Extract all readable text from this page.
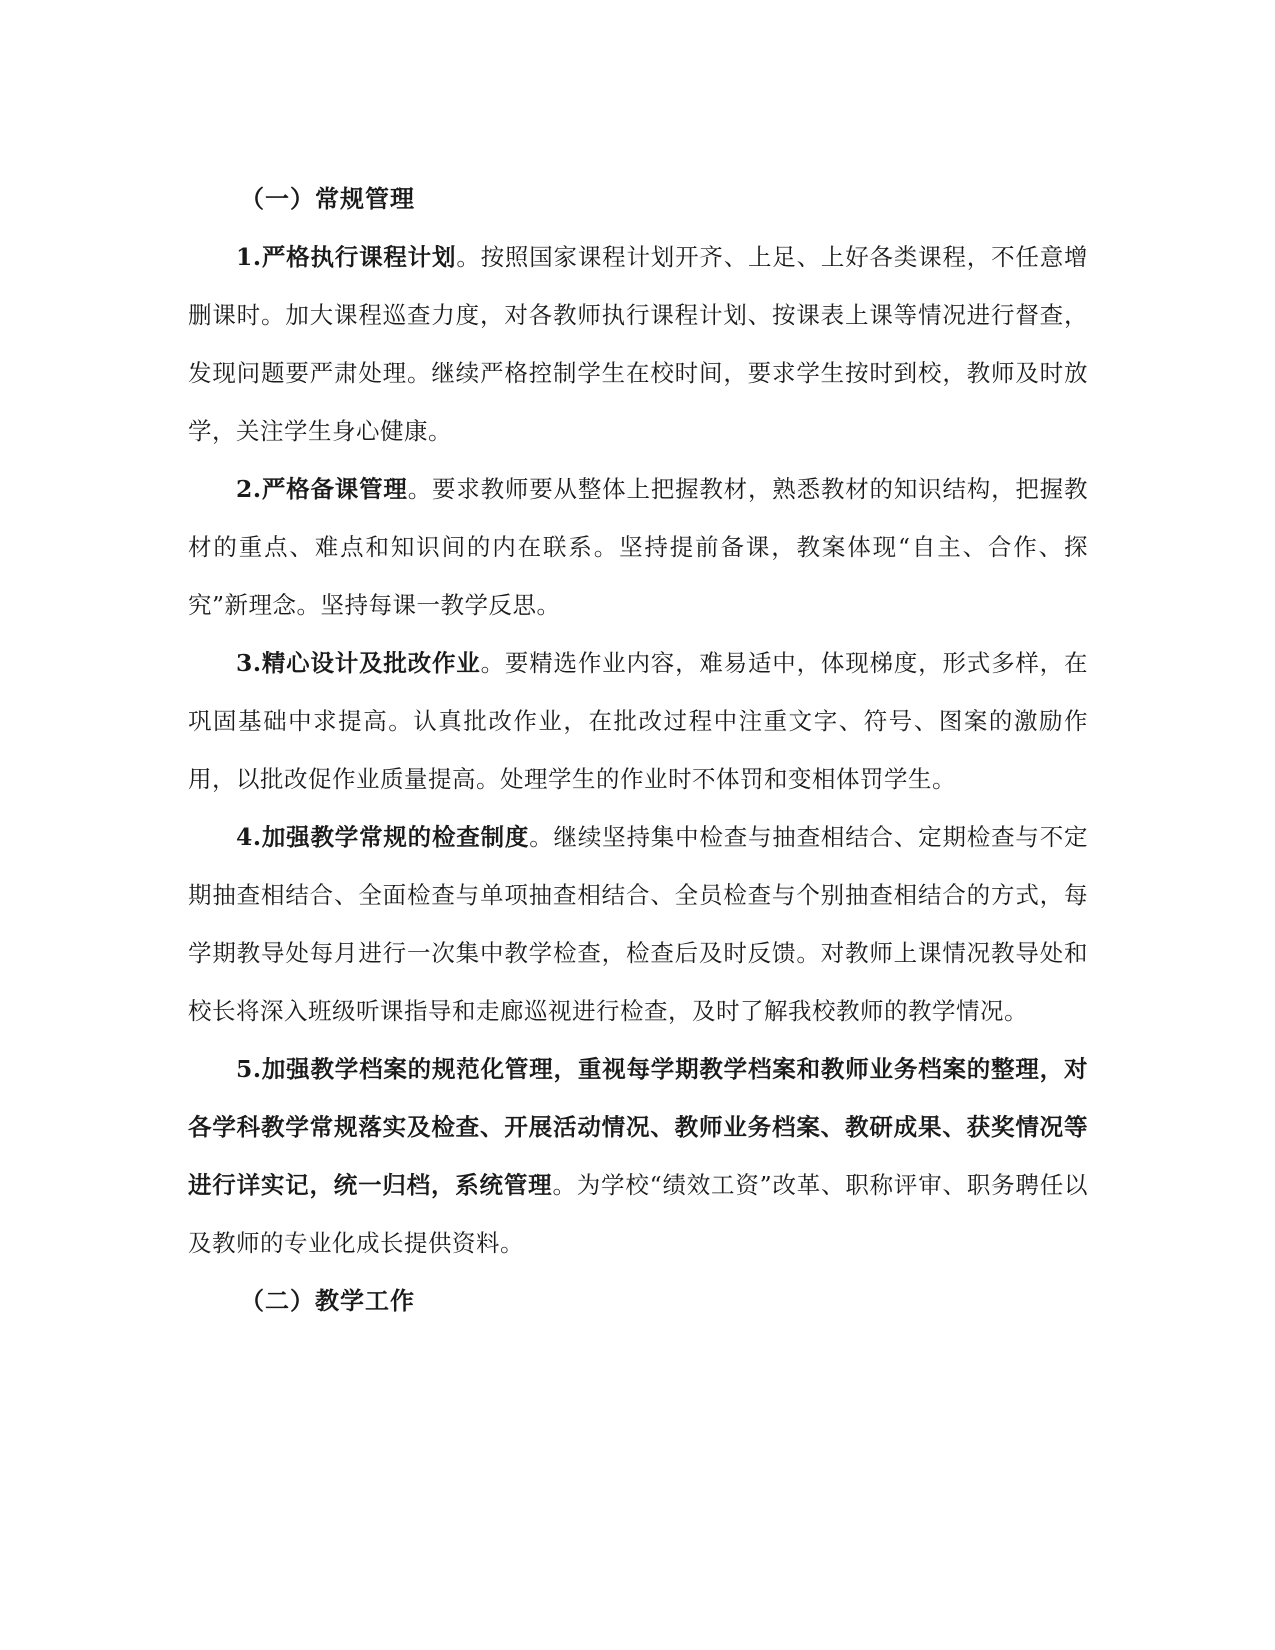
（一）常规管理

1.严格执行课程计划。按照国家课程计划开齐、上足、上好各类课程，不任意增删课时。加大课程巡查力度，对各教师执行课程计划、按课表上课等情况进行督查，发现问题要严肃处理。继续严格控制学生在校时间，要求学生按时到校，教师及时放学，关注学生身心健康。

2.严格备课管理。要求教师要从整体上把握教材，熟悉教材的知识结构，把握教材的重点、难点和知识间的内在联系。坚持提前备课，教案体现“自主、合作、探究”新理念。坚持每课一教学反思。

3.精心设计及批改作业。要精选作业内容，难易适中，体现梯度，形式多样，在巩固基础中求提高。认真批改作业，在批改过程中注重文字、符号、图案的激励作用，以批改促作业质量提高。处理学生的作业时不体罚和变相体罚学生。

4.加强教学常规的检查制度。继续坚持集中检查与抽查相结合、定期检查与不定期抽查相结合、全面检查与单项抽查相结合、全员检查与个别抽查相结合的方式，每学期教导处每月进行一次集中教学检查，检查后及时反馈。对教师上课情况教导处和校长将深入班级听课指导和走廊巡视进行检查，及时了解我校教师的教学情况。

5.加强教学档案的规范化管理，重视每学期教学档案和教师业务档案的整理，对各学科教学常规落实及检查、开展活动情况、教师业务档案、教研成果、获奖情况等进行详实记，统一归档，系统管理。为学校“绩效工资”改革、职称评审、职务聘任以及教师的专业化成长提供资料。

（二）教学工作
